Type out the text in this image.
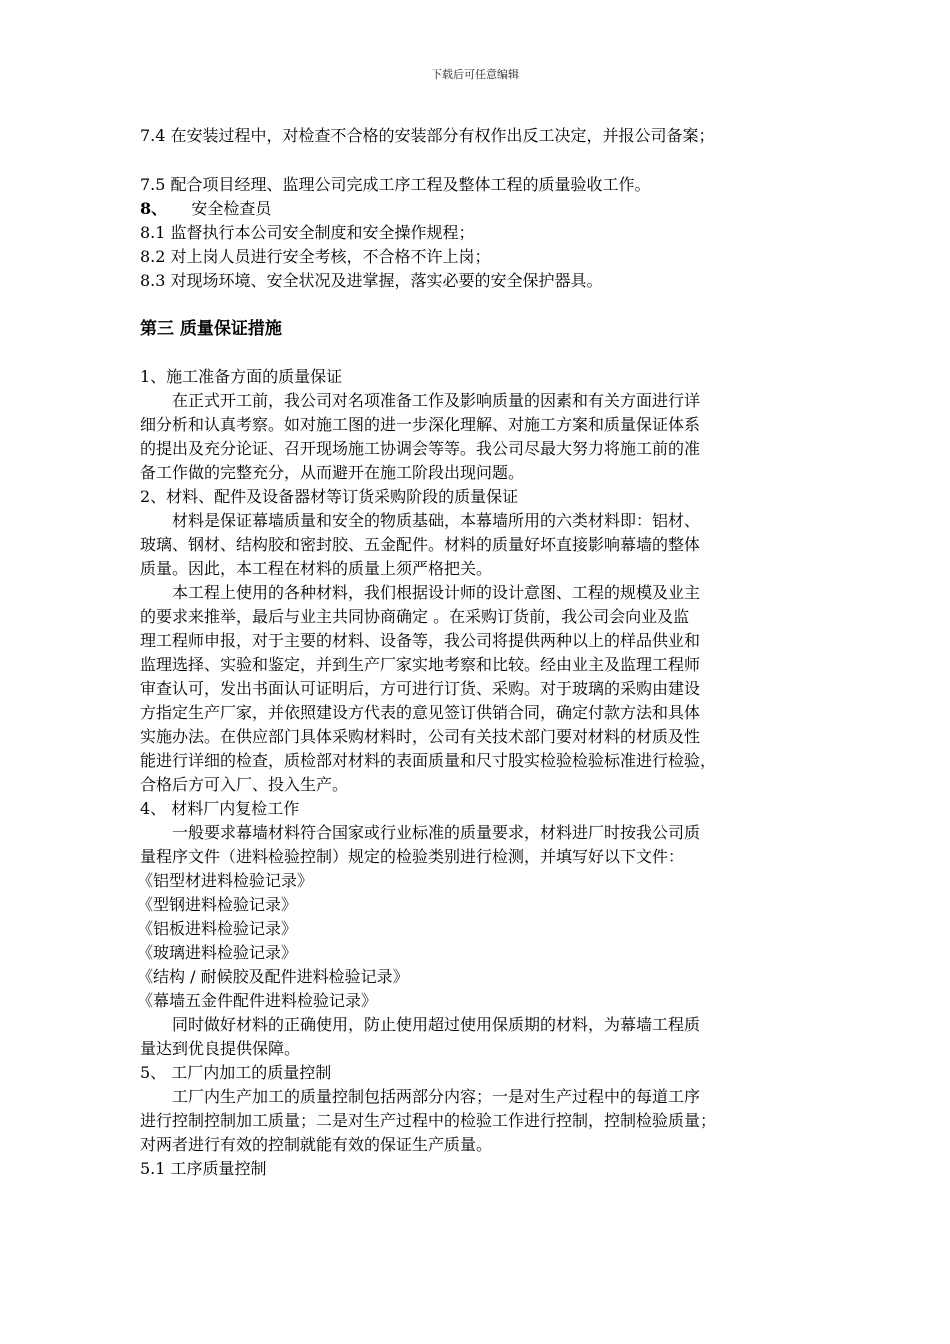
下载后可任意编辑
7.4 在安装过程中，对检查不合格的安装部分有权作出反工决定，并报公司备案；
7.5 配合项目经理、监理公司完成工序工程及整体工程的质量验收工作。
8、 安全检查员
8.1 监督执行本公司安全制度和安全操作规程；
8.2 对上岗人员进行安全考核，不合格不许上岗；
8.3 对现场环境、安全状况及进掌握，落实必要的安全保护器具。
第三 质量保证措施
1、施工准备方面的质量保证
在正式开工前，我公司对名项准备工作及影响质量的因素和有关方面进行详
细分析和认真考察。如对施工图的进一步深化理解、对施工方案和质量保证体系
的提出及充分论证、召开现场施工协调会等等。我公司尽最大努力将施工前的准
备工作做的完整充分，从而避开在施工阶段出现问题。
2、材料、配件及设备器材等订货采购阶段的质量保证
材料是保证幕墙质量和安全的物质基础，本幕墙所用的六类材料即：铝材、
玻璃、钢材、结构胶和密封胶、五金配件。材料的质量好坏直接影响幕墙的整体
质量。因此，本工程在材料的质量上须严格把关。
本工程上使用的各种材料，我们根据设计师的设计意图、工程的规模及业主
的要求来推举，最后与业主共同协商确定 。在采购订货前，我公司会向业及监
理工程师申报，对于主要的材料、设备等，我公司将提供两种以上的样品供业和
监理选择、实验和鉴定，并到生产厂家实地考察和比较。经由业主及监理工程师
审查认可，发出书面认可证明后，方可进行订货、采购。对于玻璃的采购由建设
方指定生产厂家，并依照建设方代表的意见签订供销合同，确定付款方法和具体
实施办法。在供应部门具体采购材料时，公司有关技术部门要对材料的材质及性
能进行详细的检查，质检部对材料的表面质量和尺寸股实检验检验标准进行检验，
合格后方可入厂、投入生产。
4、 材料厂内复检工作
一般要求幕墙材料符合国家或行业标准的质量要求，材料进厂时按我公司质
量程序文件（进料检验控制）规定的检验类别进行检测，并填写好以下文件：
《铝型材进料检验记录》
《型钢进料检验记录》
《铝板进料检验记录》
《玻璃进料检验记录》
《结构 / 耐候胶及配件进料检验记录》
《幕墙五金件配件进料检验记录》
同时做好材料的正确使用，防止使用超过使用保质期的材料，为幕墙工程质
量达到优良提供保障。
5、 工厂内加工的质量控制
工厂内生产加工的质量控制包括两部分内容；一是对生产过程中的每道工序
进行控制控制加工质量；二是对生产过程中的检验工作进行控制，控制检验质量；
对两者进行有效的控制就能有效的保证生产质量。
5.1 工序质量控制
